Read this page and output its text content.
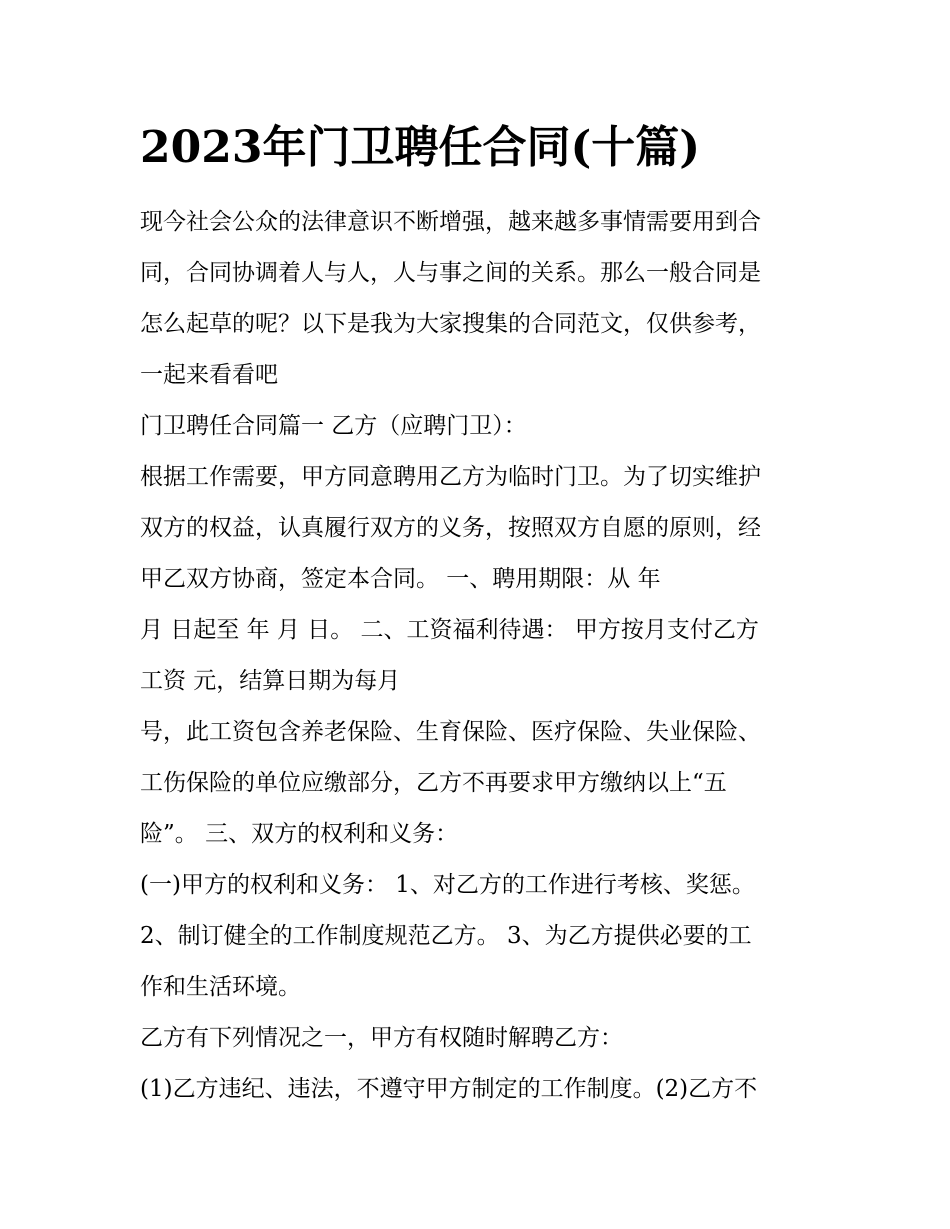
2023年门卫聘任合同(十篇)
现今社会公众的法律意识不断增强，越来越多事情需要用到合
同，合同协调着人与人，人与事之间的关系。那么一般合同是
怎么起草的呢？以下是我为大家搜集的合同范文，仅供参考，
一起来看看吧
门卫聘任合同篇一 乙方（应聘门卫）：
根据工作需要，甲方同意聘用乙方为临时门卫。为了切实维护
双方的权益，认真履行双方的义务，按照双方自愿的原则，经
甲乙双方协商，签定本合同。 一、聘用期限：从 年
月 日起至 年 月 日。 二、工资福利待遇： 甲方按月支付乙方
工资 元，结算日期为每月
号，此工资包含养老保险、生育保险、医疗保险、失业保险、
工伤保险的单位应缴部分，乙方不再要求甲方缴纳以上“五
险”。 三、双方的权利和义务：
(一)甲方的权利和义务： 1、对乙方的工作进行考核、奖惩。
2、制订健全的工作制度规范乙方。 3、为乙方提供必要的工
作和生活环境。
乙方有下列情况之一，甲方有权随时解聘乙方：
(1)乙方违纪、违法，不遵守甲方制定的工作制度。(2)乙方不
